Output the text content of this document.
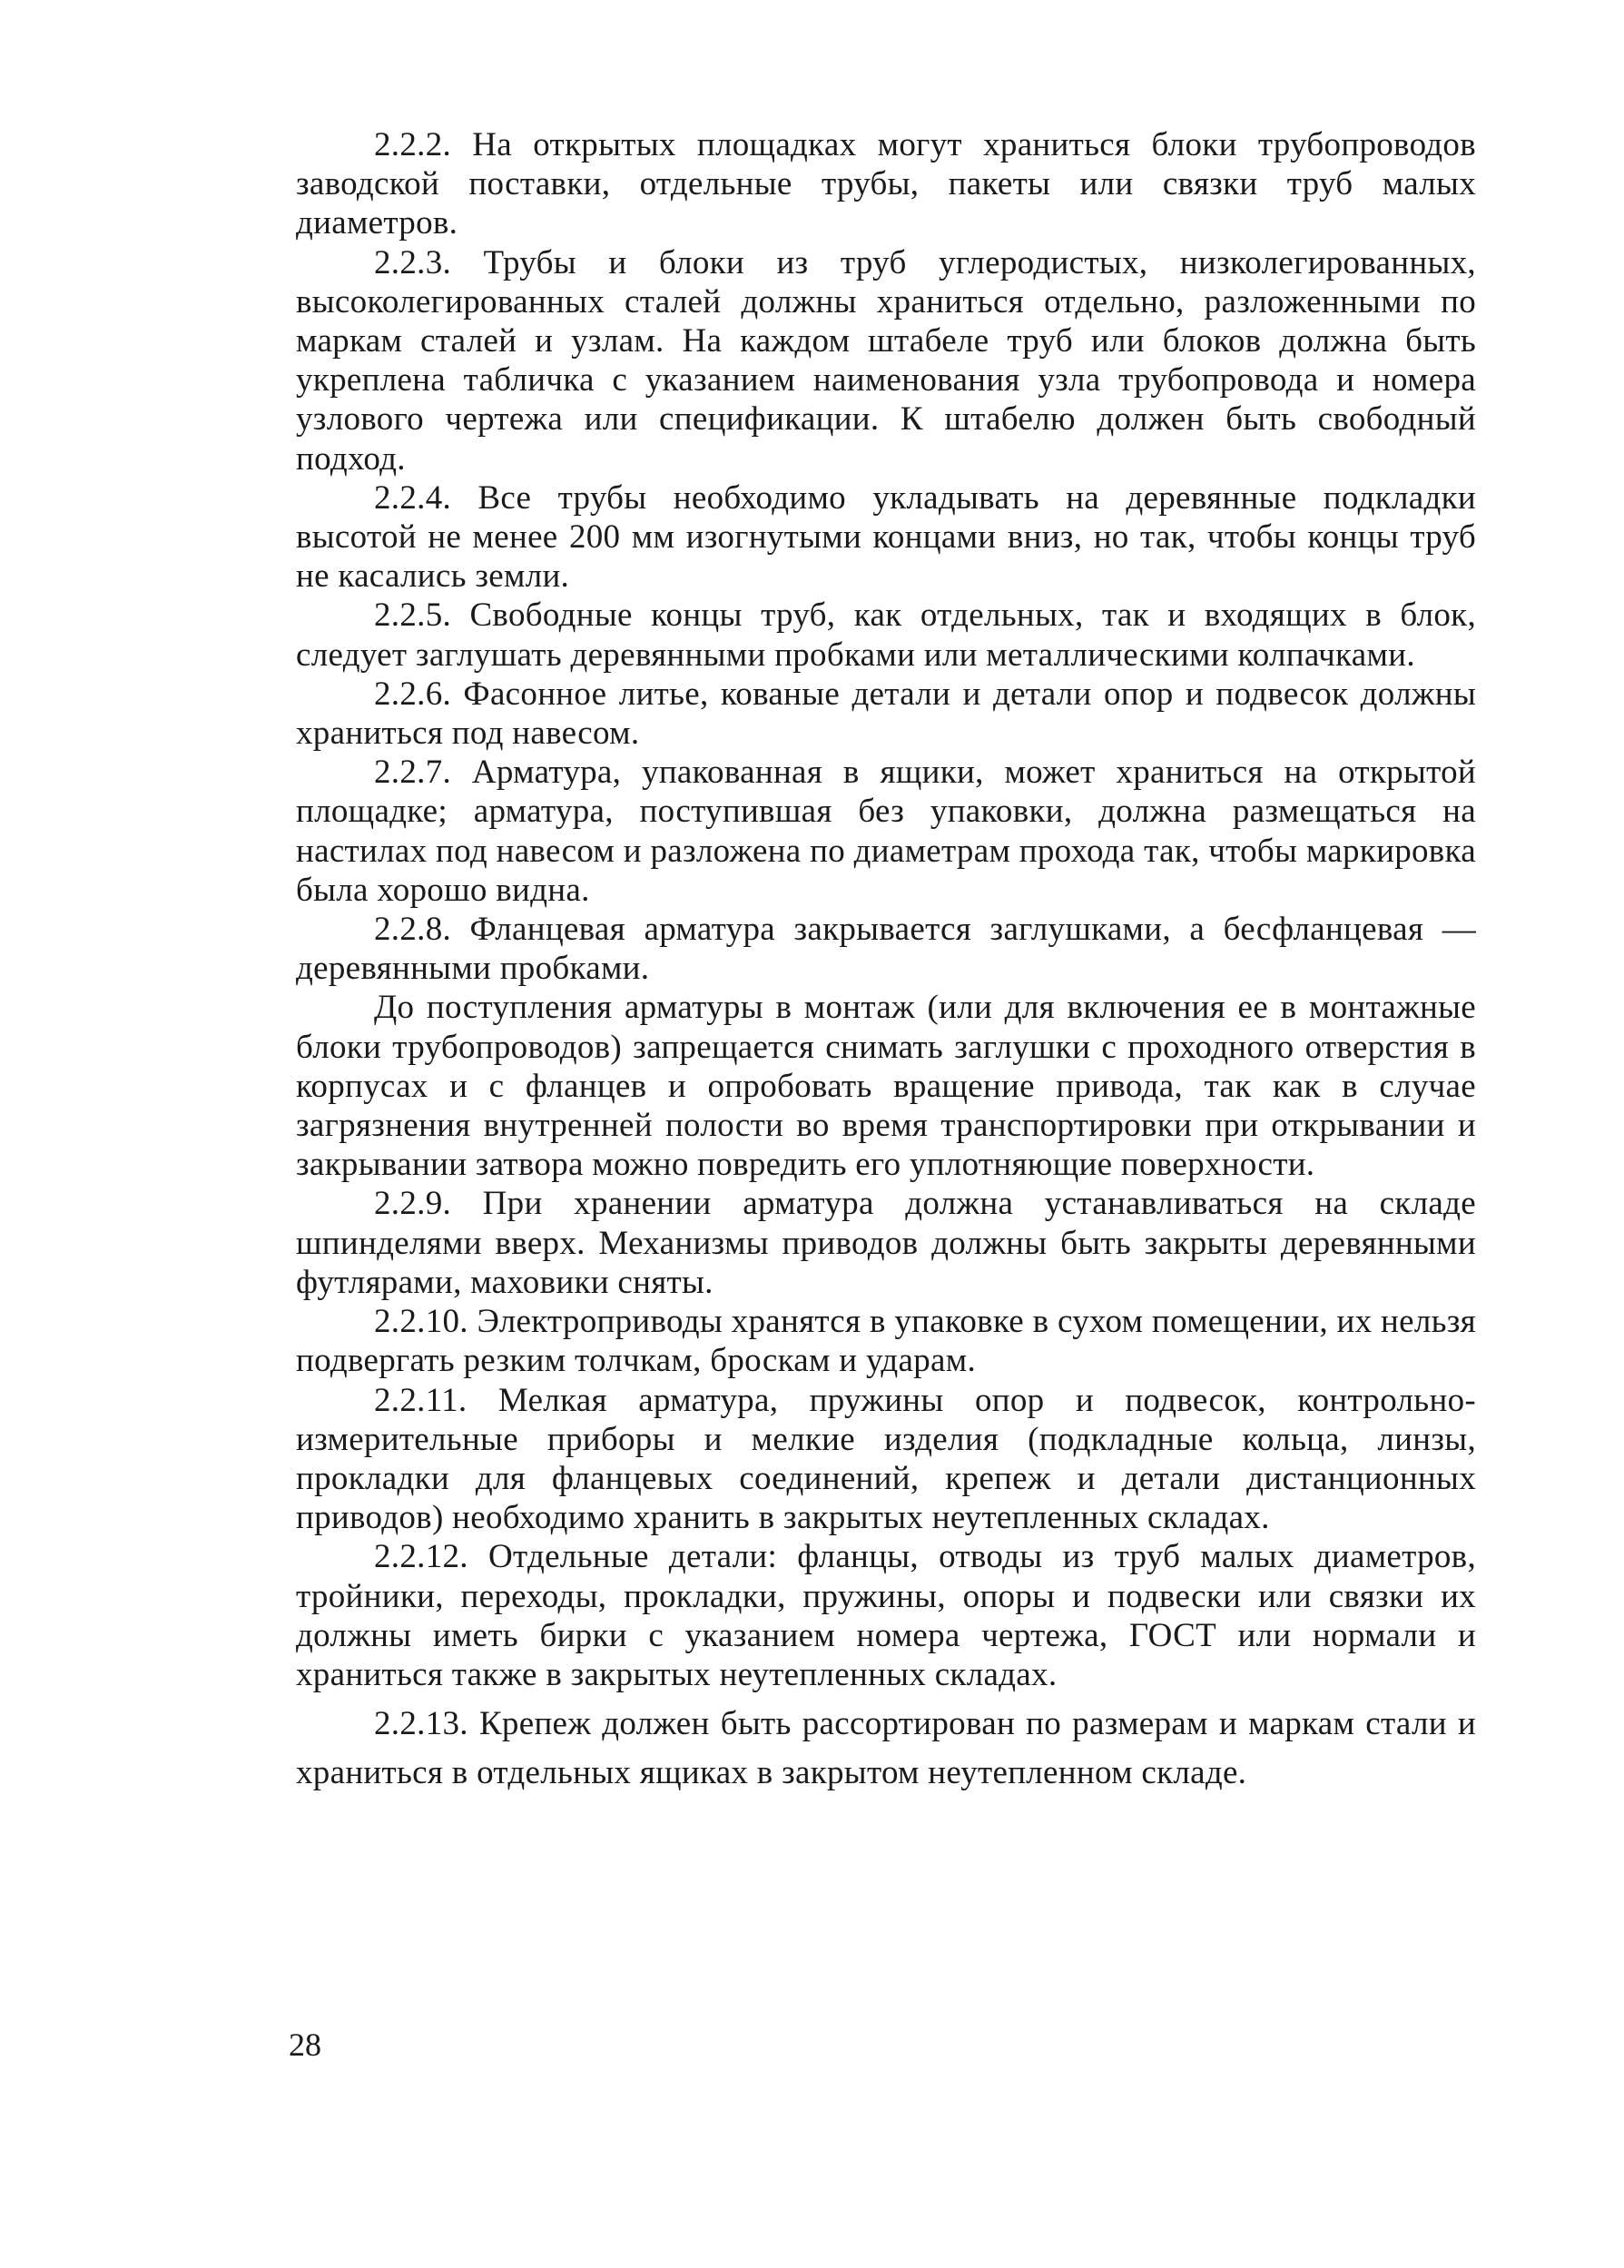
2.2.2. На открытых площадках могут храниться блоки трубопроводов заводской поставки, отдельные трубы, пакеты или связки труб малых диаметров.

2.2.3. Трубы и блоки из труб углеродистых, низколегированных, высоколегированных сталей должны храниться отдельно, разложенными по маркам сталей и узлам. На каждом штабеле труб или блоков должна быть укреплена табличка с указанием наименования узла трубопровода и номера узлового чертежа или спецификации. К штабелю должен быть свободный подход.

2.2.4. Все трубы необходимо укладывать на деревянные подкладки высотой не менее 200 мм изогнутыми концами вниз, но так, чтобы концы труб не касались земли.

2.2.5. Свободные концы труб, как отдельных, так и входящих в блок, следует заглушать деревянными пробками или металлическими колпачками.

2.2.6. Фасонное литье, кованые детали и детали опор и подвесок должны храниться под навесом.

2.2.7. Арматура, упакованная в ящики, может храниться на открытой площадке; арматура, поступившая без упаковки, должна размещаться на настилах под навесом и разложена по диаметрам прохода так, чтобы маркировка была хорошо видна.

2.2.8. Фланцевая арматура закрывается заглушками, а бесфланцевая — деревянными пробками.

До поступления арматуры в монтаж (или для включения ее в монтажные блоки трубопроводов) запрещается снимать заглушки с проходного отверстия в корпусах и с фланцев и опробовать вращение привода, так как в случае загрязнения внутренней полости во время транспортировки при открывании и закрывании затвора можно повредить его уплотняющие поверхности.

2.2.9. При хранении арматура должна устанавливаться на складе шпинделями вверх. Механизмы приводов должны быть закрыты деревянными футлярами, маховики сняты.

2.2.10. Электроприводы хранятся в упаковке в сухом помещении, их нельзя подвергать резким толчкам, броскам и ударам.

2.2.11. Мелкая арматура, пружины опор и подвесок, контрольно-измерительные приборы и мелкие изделия (подкладные кольца, линзы, прокладки для фланцевых соединений, крепеж и детали дистанционных приводов) необходимо хранить в закрытых неутепленных складах.

2.2.12. Отдельные детали: фланцы, отводы из труб малых диаметров, тройники, переходы, прокладки, пружины, опоры и подвески или связки их должны иметь бирки с указанием номера чертежа, ГОСТ или нормали и храниться также в закрытых неутепленных складах.

2.2.13. Крепеж должен быть рассортирован по размерам и маркам стали и храниться в отдельных ящиках в закрытом неутепленном складе.

28
